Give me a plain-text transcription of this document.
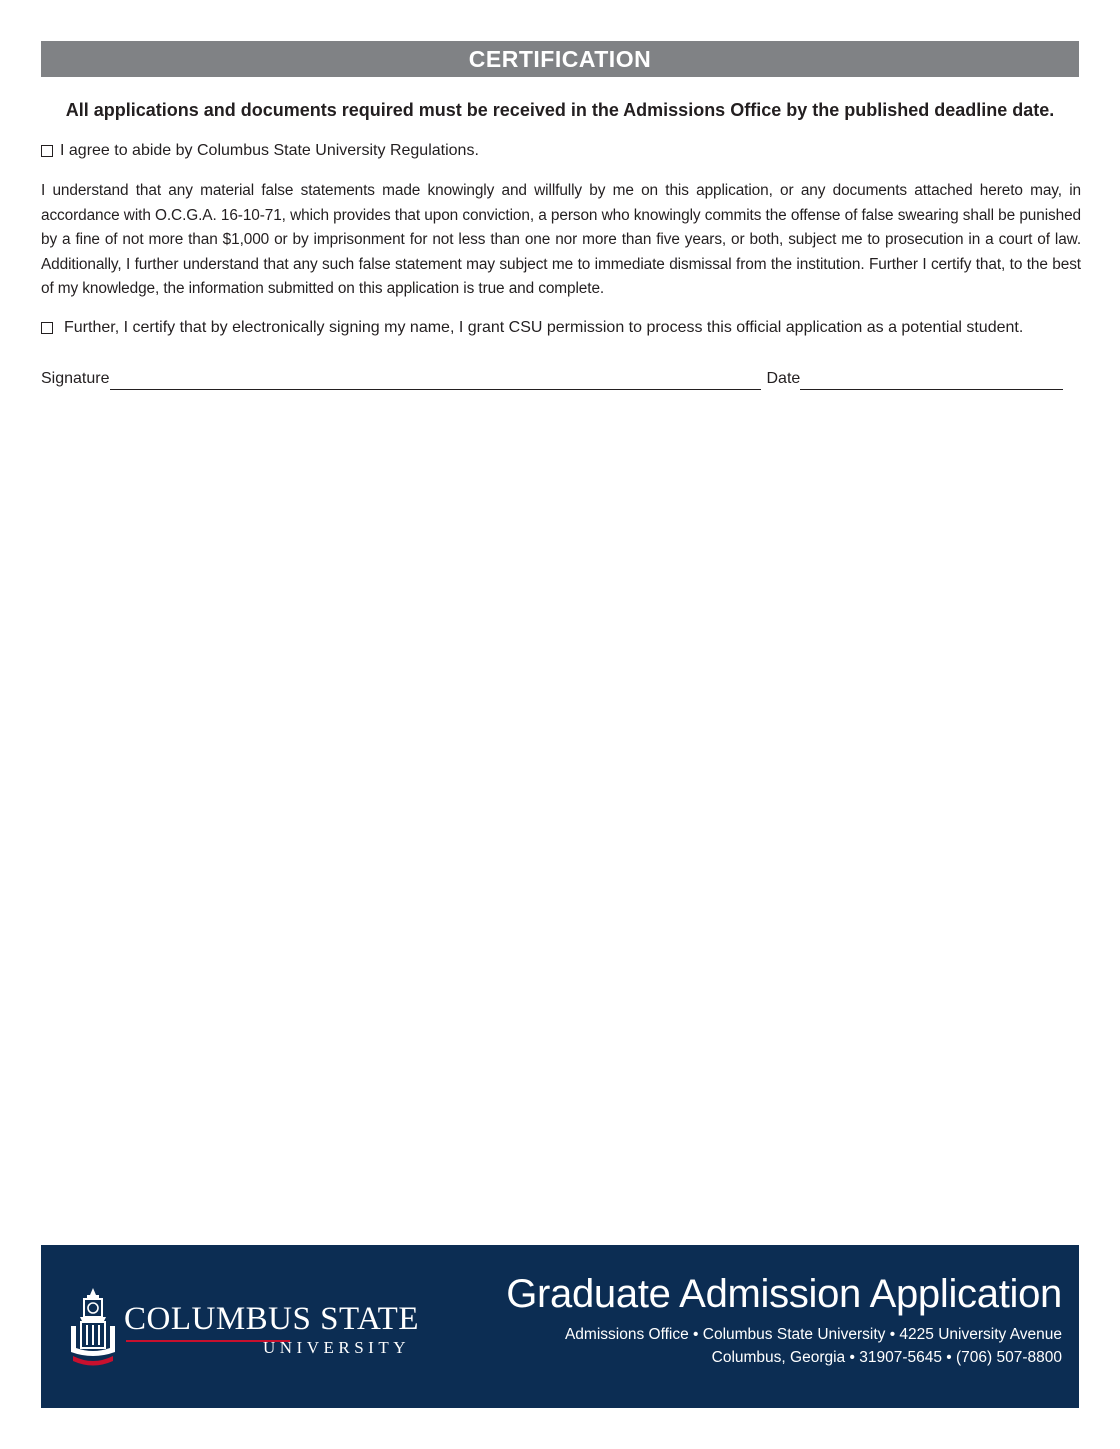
CERTIFICATION
All applications and documents required must be received in the Admissions Office by the published deadline date.
I agree to abide by Columbus State University Regulations.
I understand that any material false statements made knowingly and willfully by me on this application, or any documents attached hereto may, in accordance with O.C.G.A. 16-10-71, which provides that upon conviction, a person who knowingly commits the offense of false swearing shall be punished by a fine of not more than $1,000 or by imprisonment for not less than one nor more than five years, or both, subject me to prosecution in a court of law. Additionally, I further understand that any such false statement may subject me to immediate dismissal from the institution. Further I certify that, to the best of my knowledge, the information submitted on this application is true and complete.
Further, I certify that by electronically signing my name, I grant CSU permission to process this official application as a potential student.
Signature	Date
COLUMBUS STATE
UNIVERSITY
Graduate Admission Application
Admissions Office • Columbus State University • 4225 University Avenue
Columbus, Georgia • 31907-5645 • (706) 507-8800
